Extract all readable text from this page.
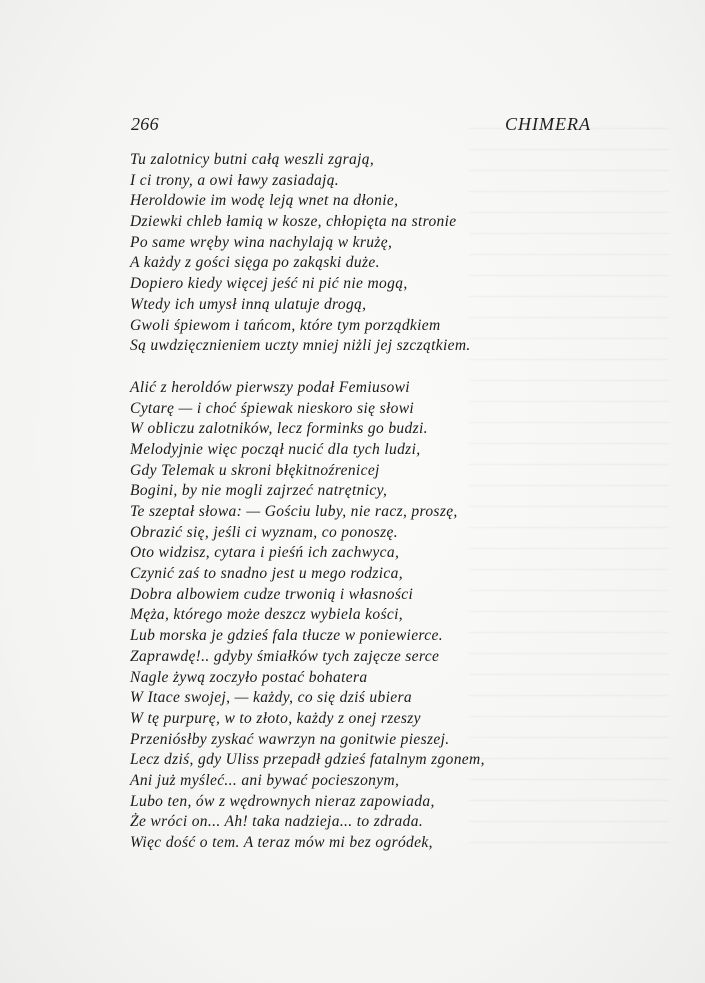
266	CHIMERA
Tu zalotnicy butni całą weszli zgrają,
I ci trony, a owi ławy zasiadają.
Heroldowie im wodę leją wnet na dłonie,
Dziewki chleb łamią w kosze, chłopięta na stronie
Po same wręby wina nachylają w krużę,
A każdy z gości sięga po zakąski duże.
Dopiero kiedy więcej jeść ni pić nie mogą,
Wtedy ich umysł inną ulatuje drogą,
Gwoli śpiewom i tańcom, które tym porządkiem
Są uwdzięcznieniem uczty mniej niżli jej szczątkiem.
Alić z heroldów pierwszy podał Femiusowi
Cytarę — i choć śpiewak nieskoro się słowi
W obliczu zalotników, lecz forminks go budzi.
Melodyjnie więc począł nucić dla tych ludzi,
Gdy Telemak u skroni błękitnoźrenicej
Bogini, by nie mogli zajrzeć natrętnicy,
Te szeptał słowa: — Gościu luby, nie racz, proszę,
Obrazić się, jeśli ci wyznam, co ponoszę.
Oto widzisz, cytara i pieśń ich zachwyca,
Czynić zaś to snadno jest u mego rodzica,
Dobra albowiem cudze trwonią i własności
Męża, którego może deszcz wybiela kości,
Lub morska je gdzieś fala tłucze w poniewierce.
Zaprawdę!.. gdyby śmiałków tych zajęcze serce
Nagle żywą zoczyło postać bohatera
W Itace swojej, — każdy, co się dziś ubiera
W tę purpurę, w to złoto, każdy z onej rzeszy
Przeniósłby zyskać wawrzyn na gonitwie pieszej.
Lecz dziś, gdy Uliss przepadł gdzieś fatalnym zgonem,
Ani już myśleć... ani bywać pocieszonym,
Lubo ten, ów z wędrownych nieraz zapowiada,
Że wróci on... Ah! taka nadzieja... to zdrada.
Więc dość o tem. A teraz mów mi bez ogródek,
